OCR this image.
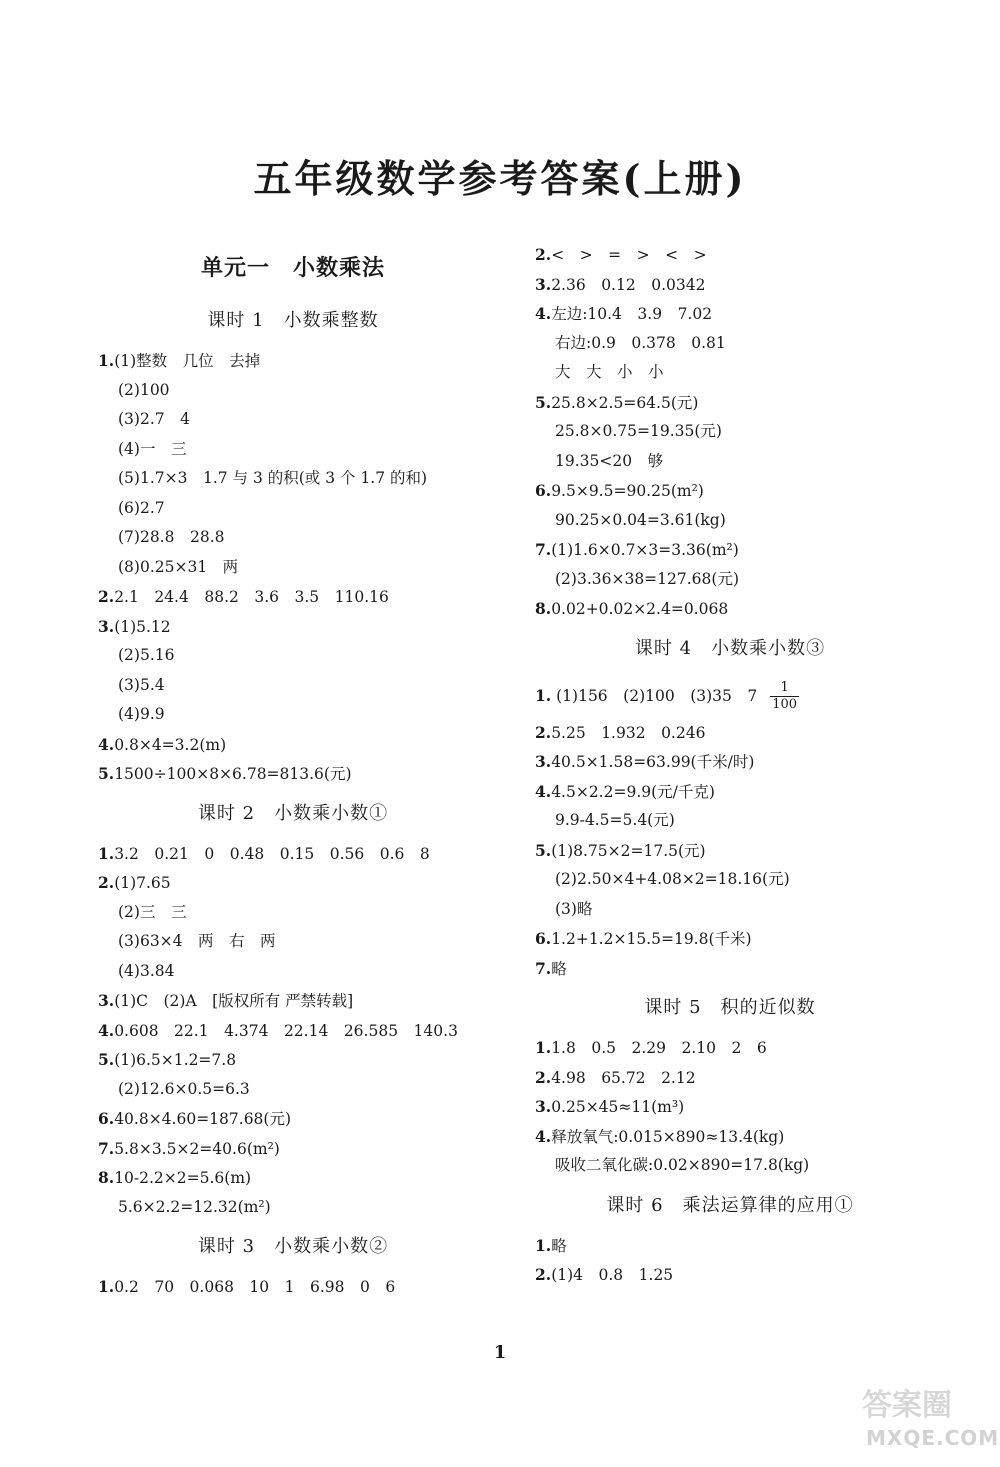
五年级数学参考答案(上册)
单元一　小数乘法
课时 1　小数乘整数
1.(1)整数　几位　去掉
(2)100
(3)2.7　4
(4)一　三
(5)1.7×3　1.7 与 3 的积(或 3 个 1.7 的和)
(6)2.7
(7)28.8　28.8
(8)0.25×31　两
2.2.1　24.4　88.2　3.6　3.5　110.16
3.(1)5.12
(2)5.16
(3)5.4
(4)9.9
4.0.8×4=3.2(m)
5.1500÷100×8×6.78=813.6(元)
课时 2　小数乘小数①
1.3.2　0.21　0　0.48　0.15　0.56　0.6　8
2.(1)7.65
(2)三　三
(3)63×4　两　右　两
(4)3.84
3.(1)C　(2)A　[版权所有 严禁转载]
4.0.608　22.1　4.374　22.14　26.585　140.3
5.(1)6.5×1.2=7.8
(2)12.6×0.5=6.3
6.40.8×4.60=187.68(元)
7.5.8×3.5×2=40.6(m²)
8.10-2.2×2=5.6(m)
5.6×2.2=12.32(m²)
课时 3　小数乘小数②
1.0.2　70　0.068　10　1　6.98　0　6
2.<　>　=　>　<　>
3.2.36　0.12　0.0342
4.左边:10.4　3.9　7.02
右边:0.9　0.378　0.81
大　大　小　小
5.25.8×2.5=64.5(元)
25.8×0.75=19.35(元)
19.35<20　够
6.9.5×9.5=90.25(m²)
90.25×0.04=3.61(kg)
7.(1)1.6×0.7×3=3.36(m²)
(2)3.36×38=127.68(元)
8.0.02+0.02×2.4=0.068
课时 4　小数乘小数③
1. (1)156　(2)100　(3)35　$7 \frac{1}{100}$
2.5.25　1.932　0.246
3.40.5×1.58=63.99(千米/时)
4.4.5×2.2=9.9(元/千克)
9.9-4.5=5.4(元)
5.(1)8.75×2=17.5(元)
(2)2.50×4+4.08×2=18.16(元)
(3)略
6.1.2+1.2×15.5=19.8(千米)
7.略
课时 5　积的近似数
1.1.8　0.5　2.29　2.10　2　6
2.4.98　65.72　2.12
3.0.25×45≈11(m³)
4.释放氧气:0.015×890≈13.4(kg)
吸收二氧化碳:0.02×890=17.8(kg)
课时 6　乘法运算律的应用①
1.略
2.(1)4　0.8　1.25
1
答案圈
MXQE.COM
